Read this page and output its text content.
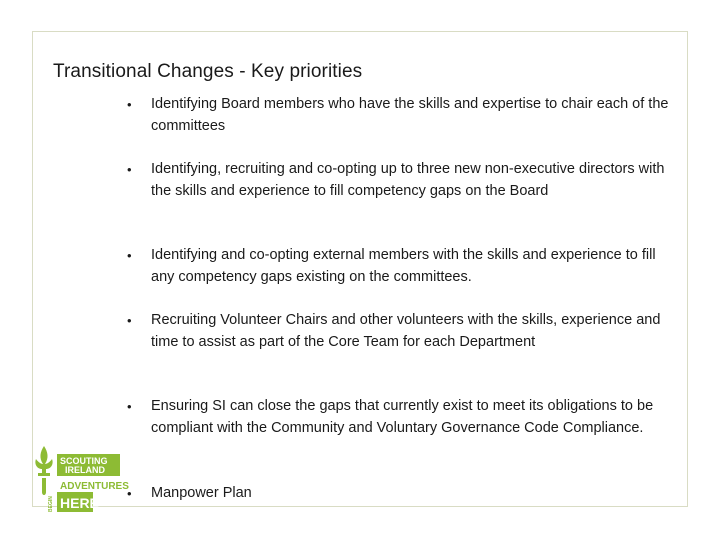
Transitional Changes - Key priorities
•	Identifying Board members who have the skills and expertise to chair each of the committees
•	Identifying, recruiting and co-opting up to three new non-executive directors with the skills and experience to fill competency gaps on the Board
•	Identifying and co-opting external members with the skills and experience to fill any competency gaps existing on the committees.
•	Recruiting Volunteer Chairs and other volunteers with the skills, experience and time to assist as part of the Core Team for each Department
•	Ensuring SI can close the gaps that currently exist to meet its obligations to be compliant with the Community and Voluntary Governance Code Compliance.
•	Manpower Plan
SCOUTING
IRELAND
ADVENTURES
HERE
BEGIN
